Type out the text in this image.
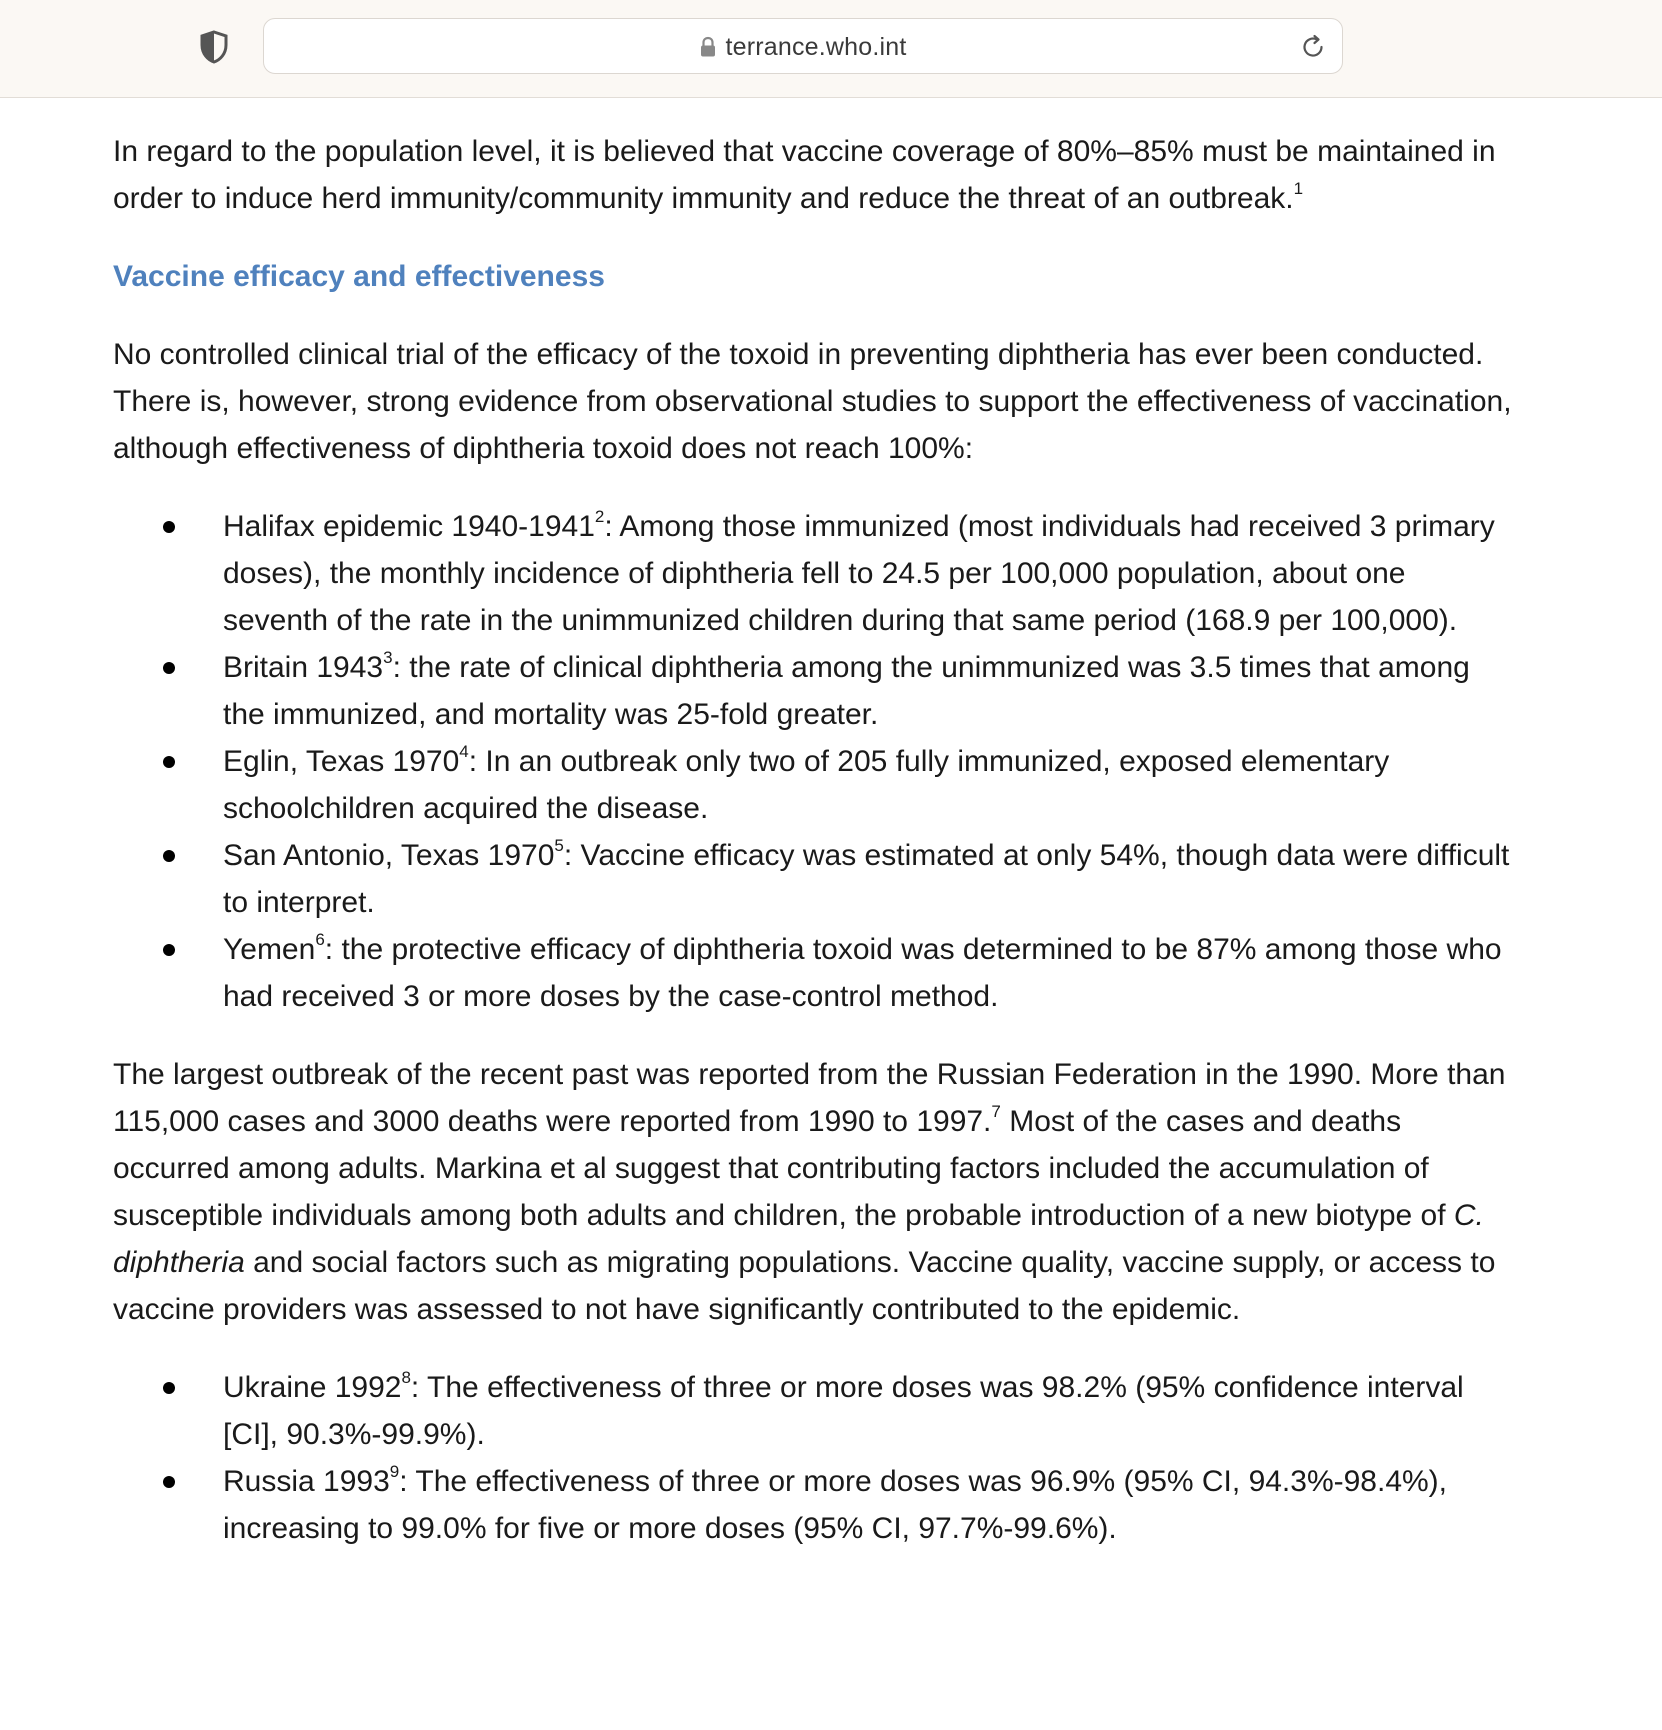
terrance.who.int

In regard to the population level, it is believed that vaccine coverage of 80%–85% must be maintained in order to induce herd immunity/community immunity and reduce the threat of an outbreak.$^1$

Vaccine efficacy and effectiveness

No controlled clinical trial of the efficacy of the toxoid in preventing diphtheria has ever been conducted. There is, however, strong evidence from observational studies to support the effectiveness of vaccination, although effectiveness of diphtheria toxoid does not reach 100%:

Halifax epidemic 1940-1941$^2$: Among those immunized (most individuals had received 3 primary doses), the monthly incidence of diphtheria fell to 24.5 per 100,000 population, about one seventh of the rate in the unimmunized children during that same period (168.9 per 100,000).
Britain 1943$^3$: the rate of clinical diphtheria among the unimmunized was 3.5 times that among the immunized, and mortality was 25-fold greater.
Eglin, Texas 1970$^4$: In an outbreak only two of 205 fully immunized, exposed elementary schoolchildren acquired the disease.
San Antonio, Texas 1970$^5$: Vaccine efficacy was estimated at only 54%, though data were difficult to interpret.
Yemen$^6$: the protective efficacy of diphtheria toxoid was determined to be 87% among those who had received 3 or more doses by the case-control method.

The largest outbreak of the recent past was reported from the Russian Federation in the 1990. More than 115,000 cases and 3000 deaths were reported from 1990 to 1997.$^7$ Most of the cases and deaths occurred among adults. Markina et al suggest that contributing factors included the accumulation of susceptible individuals among both adults and children, the probable introduction of a new biotype of C. diphtheria and social factors such as migrating populations. Vaccine quality, vaccine supply, or access to vaccine providers was assessed to not have significantly contributed to the epidemic.

Ukraine 1992$^8$: The effectiveness of three or more doses was 98.2% (95% confidence interval [CI], 90.3%-99.9%).
Russia 1993$^9$: The effectiveness of three or more doses was 96.9% (95% CI, 94.3%-98.4%), increasing to 99.0% for five or more doses (95% CI, 97.7%-99.6%).
